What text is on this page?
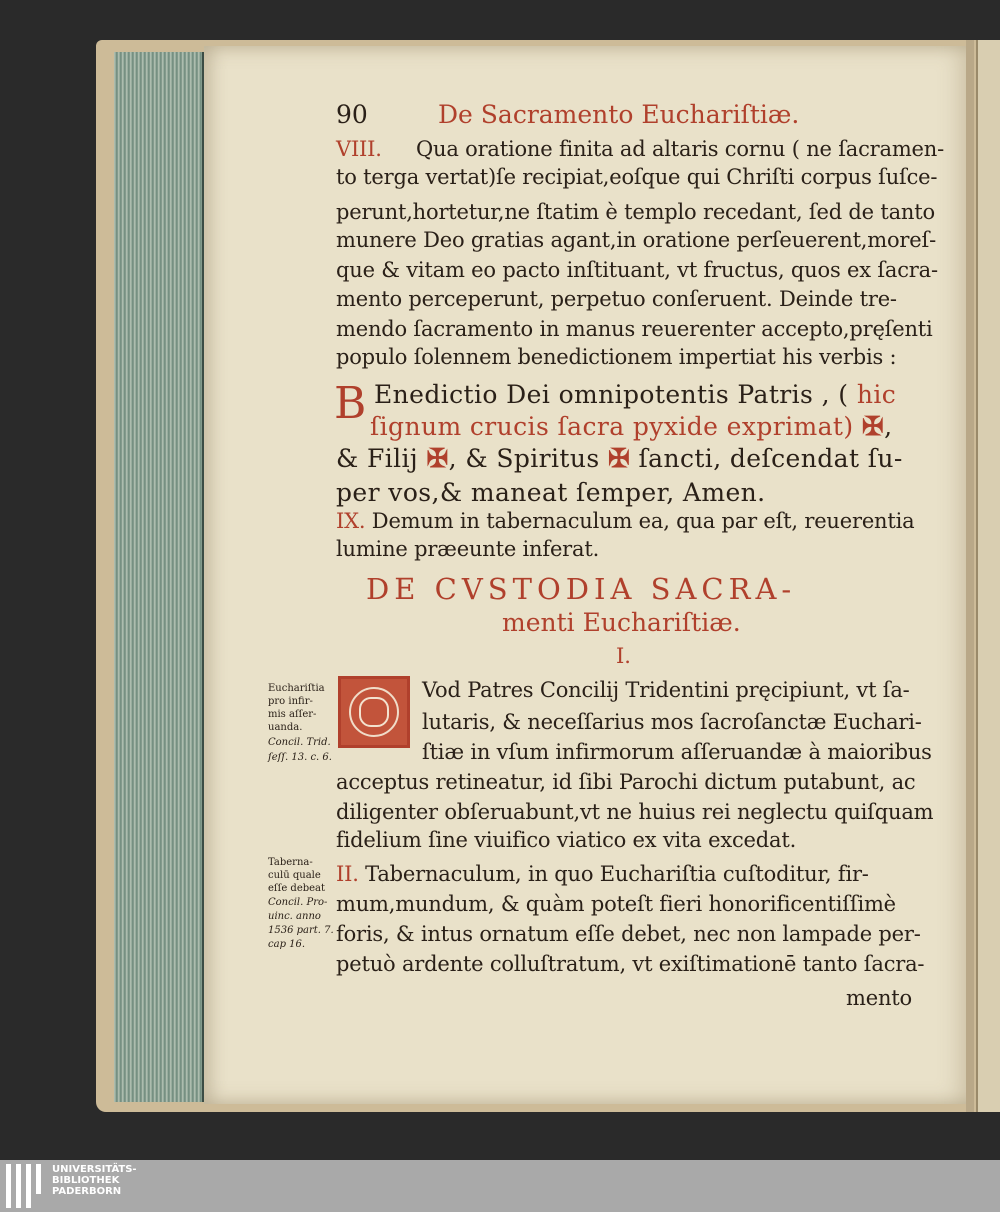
90	De Sacramento Euchariſtiæ.
VIII. Qua oratione finita ad altaris cornu ( ne ſacramen-
to terga vertat)ſe recipiat,eoſque qui Chriſti corpus ſuſce-
perunt,hortetur,ne ſtatim è templo recedant, ſed de tanto
munere Deo gratias agant,in oratione perſeuerent,moreſ-
que & vitam eo pacto inſtituant, vt fructus, quos ex ſacra-
mento perceperunt, perpetuo conſeruent. Deinde tre-
mendo ſacramento in manus reuerenter accepto,pręſenti
populo ſolennem benedictionem impertiat his verbis :
B Enedictio Dei omnipotentis Patris , ( hic
ſignum crucis ſacra pyxide exprimat) ✠,
& Filij ✠, & Spiritus ✠ ſancti, deſcendat ſu-
per vos,& maneat ſemper, Amen.
IX. Demum in tabernaculum ea, qua par eſt, reuerentia
lumine præeunte inferat.
DE CVSTODIA SACRA-
menti Euchariſtiæ.
I.
Vod Patres Concilij Tridentini pręcipiunt, vt ſa-
lutaris, & neceſſarius mos ſacroſanctæ Euchari-
ſtiæ in vſum infirmorum aſſeruandæ à maioribus
acceptus retineatur, id ſibi Parochi dictum putabunt, ac
diligenter obſeruabunt,vt ne huius rei neglectu quiſquam
fidelium ſine viuifico viatico ex vita excedat.
II. Tabernaculum, in quo Euchariſtia cuſtoditur, fir-
mum,mundum, & quàm poteſt fieri honorificentiſſimè
foris, & intus ornatum eſſe debet, nec non lampade per-
petuò ardente colluſtratum, vt exiſtimationē tanto ſacra-
mento
Euchariſtia
pro infir-
mis aſſer-
uanda.
Concil. Trid.
ſeſſ. 13. c. 6.
Taberna-
culū quale
eſſe debeat
Concil. Pro-
uinc. anno
1536 part. 7.
cap 16.
UNIVERSITÄTS-
BIBLIOTHEK
PADERBORN
